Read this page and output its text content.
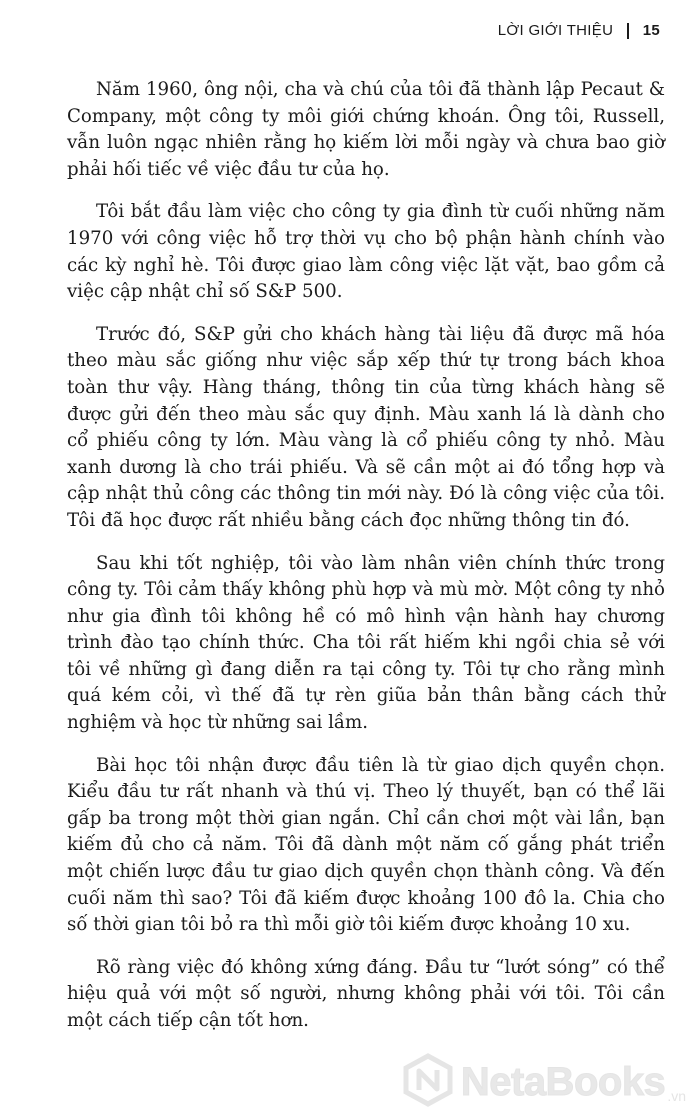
LỜI GIỚI THIỆU 15

Năm 1960, ông nội, cha và chú của tôi đã thành lập Pecaut & Company, một công ty môi giới chứng khoán. Ông tôi, Russell, vẫn luôn ngạc nhiên rằng họ kiếm lời mỗi ngày và chưa bao giờ phải hối tiếc về việc đầu tư của họ.

Tôi bắt đầu làm việc cho công ty gia đình từ cuối những năm 1970 với công việc hỗ trợ thời vụ cho bộ phận hành chính vào các kỳ nghỉ hè. Tôi được giao làm công việc lặt vặt, bao gồm cả việc cập nhật chỉ số S&P 500.

Trước đó, S&P gửi cho khách hàng tài liệu đã được mã hóa theo màu sắc giống như việc sắp xếp thứ tự trong bách khoa toàn thư vậy. Hàng tháng, thông tin của từng khách hàng sẽ được gửi đến theo màu sắc quy định. Màu xanh lá là dành cho cổ phiếu công ty lớn. Màu vàng là cổ phiếu công ty nhỏ. Màu xanh dương là cho trái phiếu. Và sẽ cần một ai đó tổng hợp và cập nhật thủ công các thông tin mới này. Đó là công việc của tôi. Tôi đã học được rất nhiều bằng cách đọc những thông tin đó.

Sau khi tốt nghiệp, tôi vào làm nhân viên chính thức trong công ty. Tôi cảm thấy không phù hợp và mù mờ. Một công ty nhỏ như gia đình tôi không hề có mô hình vận hành hay chương trình đào tạo chính thức. Cha tôi rất hiếm khi ngồi chia sẻ với tôi về những gì đang diễn ra tại công ty. Tôi tự cho rằng mình quá kém cỏi, vì thế đã tự rèn giũa bản thân bằng cách thử nghiệm và học từ những sai lầm.

Bài học tôi nhận được đầu tiên là từ giao dịch quyền chọn. Kiểu đầu tư rất nhanh và thú vị. Theo lý thuyết, bạn có thể lãi gấp ba trong một thời gian ngắn. Chỉ cần chơi một vài lần, bạn kiếm đủ cho cả năm. Tôi đã dành một năm cố gắng phát triển một chiến lược đầu tư giao dịch quyền chọn thành công. Và đến cuối năm thì sao? Tôi đã kiếm được khoảng 100 đô la. Chia cho số thời gian tôi bỏ ra thì mỗi giờ tôi kiếm được khoảng 10 xu.

Rõ ràng việc đó không xứng đáng. Đầu tư “lướt sóng” có thể hiệu quả với một số người, nhưng không phải với tôi. Tôi cần một cách tiếp cận tốt hơn.

NetaBooks .vn
